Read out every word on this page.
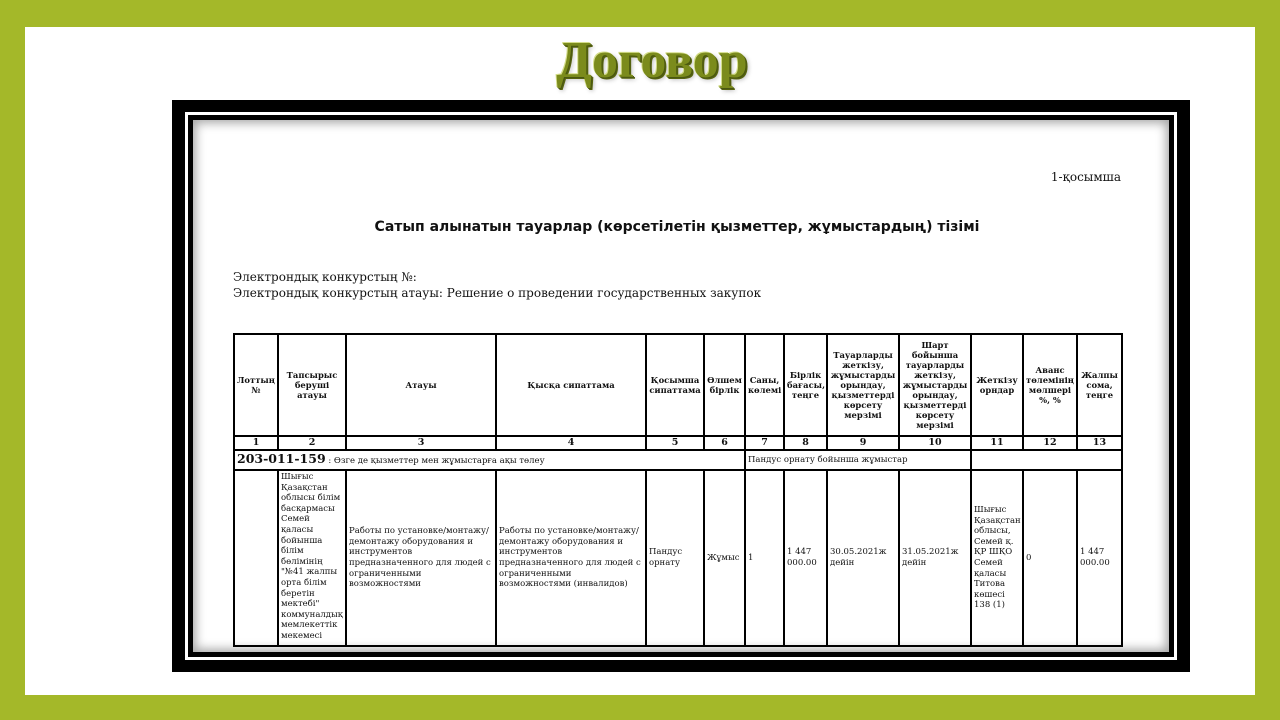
Договор
1-қосымша
Сатып алынатын тауарлар (көрсетілетін қызметтер, жұмыстардың) тізімі
Электрондық конкурстың №:
Электрондық конкурстың атауы: Решение о проведении государственных закупок
Лоттың №	Тапсырыс беруші атауы	Атауы	Қысқа сипаттама	Қосымша сипаттама	Өлшем бірлік	Саны, көлемі	Бірлік бағасы, теңге	Тауарларды жеткізу, жұмыстарды орындау, қызметтерді көрсету мерзімі	Шарт бойынша тауарларды жеткізу, жұмыстарды орындау, қызметтерді көрсету мерзімі	Жеткізу орндар	Аванс төлемінің мөлшері %, %	Жалпы сома, теңге
1	2	3	4	5	6	7	8	9	10	11	12	13
203-011-159 : Өзге де қызметтер мен жұмыстарға ақы төлеу						Пандус орнату бойынша жұмыстар						
	Шығыс Қазақстан облысы білім басқармасы Семей қаласы бойынша білім бөлімінің "№41 жалпы орта білім беретін мектебі" коммуналдық мемлекеттік мекемесі	Работы по установке/монтажу/демонтажу оборудования и инструментов предназначенного для людей с ограниченными возможностями	Работы по установке/монтажу/демонтажу оборудования и инструментов предназначенного для людей с ограниченными возможностями (инвалидов)	Пандус орнату	Жұмыс	1	1 447 000.00	30.05.2021ж дейін	31.05.2021ж дейін	Шығыс Қазақстан облысы, Семей қ. ҚР ШҚО Семей қаласы Титова көшесі 138 (1)	0	1 447 000.00
